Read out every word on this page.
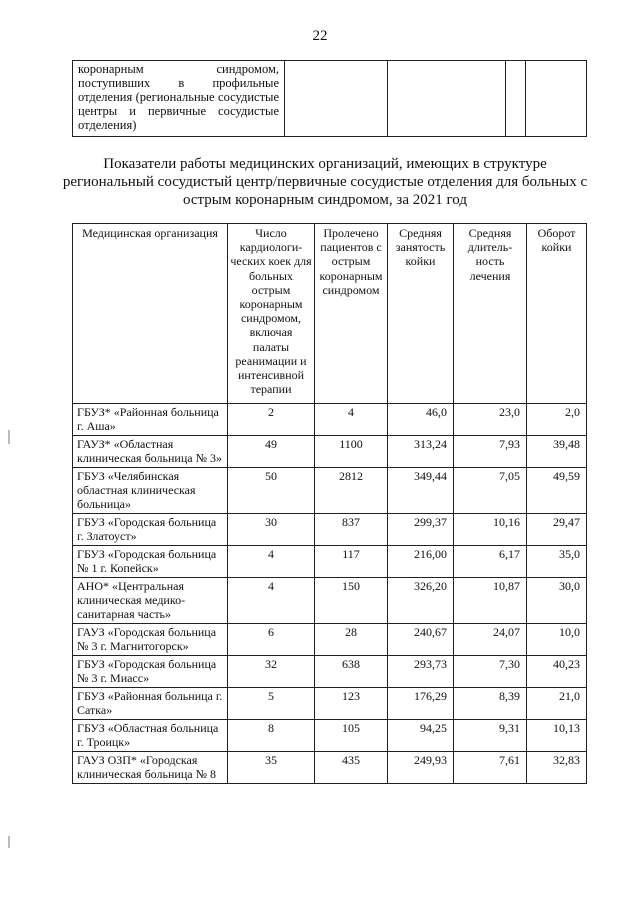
22
коронарным синдромом, поступивших в профильные отделения (региональные сосудистые центры и первичные сосудистые отделения)				
Показатели работы медицинских организаций, имеющих в структуре региональный сосудистый центр/первичные сосудистые отделения для больных с острым коронарным синдромом, за 2021 год
Медицинская организация	Число кардиологи-ческих коек для больных острым коронарным синдромом, включая палаты реанимации и интенсивной терапии	Пролечено пациентов с острым коронарным синдромом	Средняя занятость койки	Средняя длитель-ность лечения	Оборот койки
ГБУЗ* «Районная больница г. Аша»	2	4	46,0	23,0	2,0
ГАУЗ* «Областная клиническая больница № 3»	49	1100	313,24	7,93	39,48
ГБУЗ «Челябинская областная клиническая больница»	50	2812	349,44	7,05	49,59
ГБУЗ «Городская больница г. Златоуст»	30	837	299,37	10,16	29,47
ГБУЗ «Городская больница № 1 г. Копейск»	4	117	216,00	6,17	35,0
АНО* «Центральная клиническая медико-санитарная часть»	4	150	326,20	10,87	30,0
ГАУЗ «Городская больница № 3 г. Магнитогорск»	6	28	240,67	24,07	10,0
ГБУЗ «Городская больница № 3 г. Миасс»	32	638	293,73	7,30	40,23
ГБУЗ «Районная больница г. Сатка»	5	123	176,29	8,39	21,0
ГБУЗ «Областная больница г. Троицк»	8	105	94,25	9,31	10,13
ГАУЗ ОЗП* «Городская клиническая больница № 8	35	435	249,93	7,61	32,83
